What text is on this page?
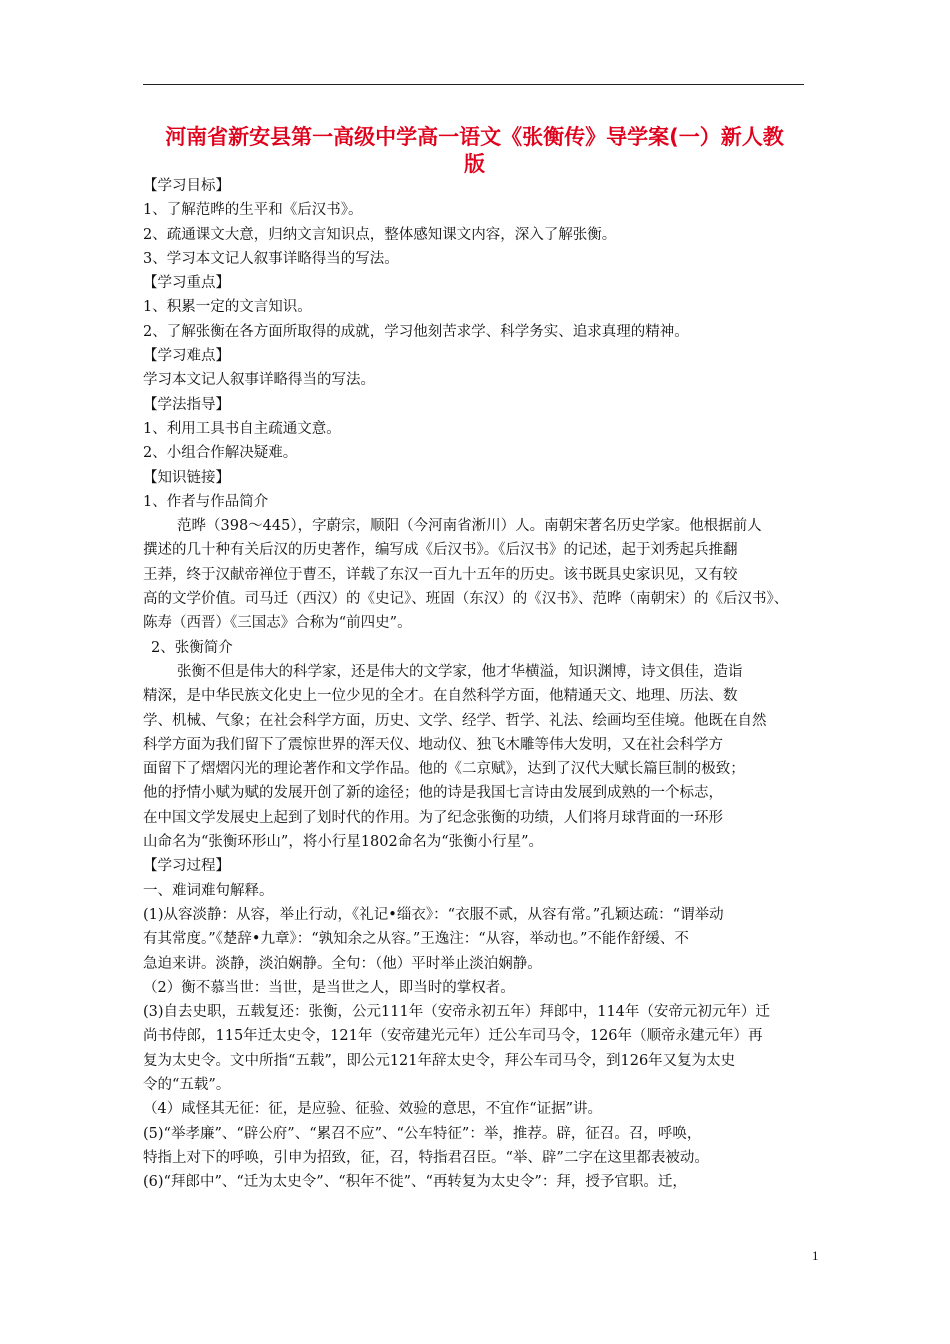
河南省新安县第一高级中学高一语文《张衡传》导学案(一）新人教
版
【学习目标】
1、了解范晔的生平和《后汉书》。
2、疏通课文大意，归纳文言知识点，整体感知课文内容，深入了解张衡。
3、学习本文记人叙事详略得当的写法。
【学习重点】
1、积累一定的文言知识。
2、了解张衡在各方面所取得的成就，学习他刻苦求学、科学务实、追求真理的精神。
【学习难点】
学习本文记人叙事详略得当的写法。
【学法指导】
1、利用工具书自主疏通文意。
2、小组合作解决疑难。
【知识链接】
1、作者与作品简介
范晔（398～445），字蔚宗，顺阳（今河南省淅川）人。南朝宋著名历史学家。他根据前人
撰述的几十种有关后汉的历史著作，编写成《后汉书》。《后汉书》的记述，起于刘秀起兵推翻
王莽，终于汉献帝禅位于曹丕，详载了东汉一百九十五年的历史。该书既具史家识见，又有较
高的文学价值。司马迁（西汉）的《史记》、班固（东汉）的《汉书》、范晔（南朝宋）的《后汉书》、
陈寿（西晋）《三国志》合称为“前四史”。
2、张衡简介
张衡不但是伟大的科学家，还是伟大的文学家，他才华横溢，知识渊博，诗文俱佳，造诣
精深，是中华民族文化史上一位少见的全才。在自然科学方面，他精通天文、地理、历法、数
学、机械、气象；在社会科学方面，历史、文学、经学、哲学、礼法、绘画均至佳境。他既在自然
科学方面为我们留下了震惊世界的浑天仪、地动仪、独飞木雕等伟大发明，又在社会科学方
面留下了熠熠闪光的理论著作和文学作品。他的《二京赋》，达到了汉代大赋长篇巨制的极致；
他的抒情小赋为赋的发展开创了新的途径；他的诗是我国七言诗由发展到成熟的一个标志，
在中国文学发展史上起到了划时代的作用。为了纪念张衡的功绩，人们将月球背面的一环形
山命名为“张衡环形山”，将小行星1802命名为“张衡小行星”。
【学习过程】
一、难词难句解释。
(1)从容淡静：从容，举止行动，《礼记•缁衣》：“衣服不贰，从容有常。”孔颖达疏：“谓举动
有其常度。”《楚辞•九章》：“孰知余之从容。”王逸注：“从容，举动也。”不能作舒缓、不
急迫来讲。淡静，淡泊娴静。全句：（他）平时举止淡泊娴静。
（2）衡不慕当世：当世，是当世之人，即当时的掌权者。
(3)自去史职，五载复还：张衡，公元111年（安帝永初五年）拜郎中，114年（安帝元初元年）迁
尚书侍郎，115年迁太史令，121年（安帝建光元年）迁公车司马令，126年（顺帝永建元年）再
复为太史令。文中所指“五载”，即公元121年辞太史令，拜公车司马令，到126年又复为太史
令的“五载”。
（4）咸怪其无征：征，是应验、征验、效验的意思，不宜作“证据”讲。
(5)“举孝廉”、“辟公府”、“累召不应”、“公车特征”：举，推荐。辟，征召。召，呼唤，
特指上对下的呼唤，引申为招致，征，召，特指君召臣。“举、辟”二字在这里都表被动。
(6)“拜郎中”、“迁为太史令”、“积年不徙”、“再转复为太史令”：拜，授予官职。迁，
1
